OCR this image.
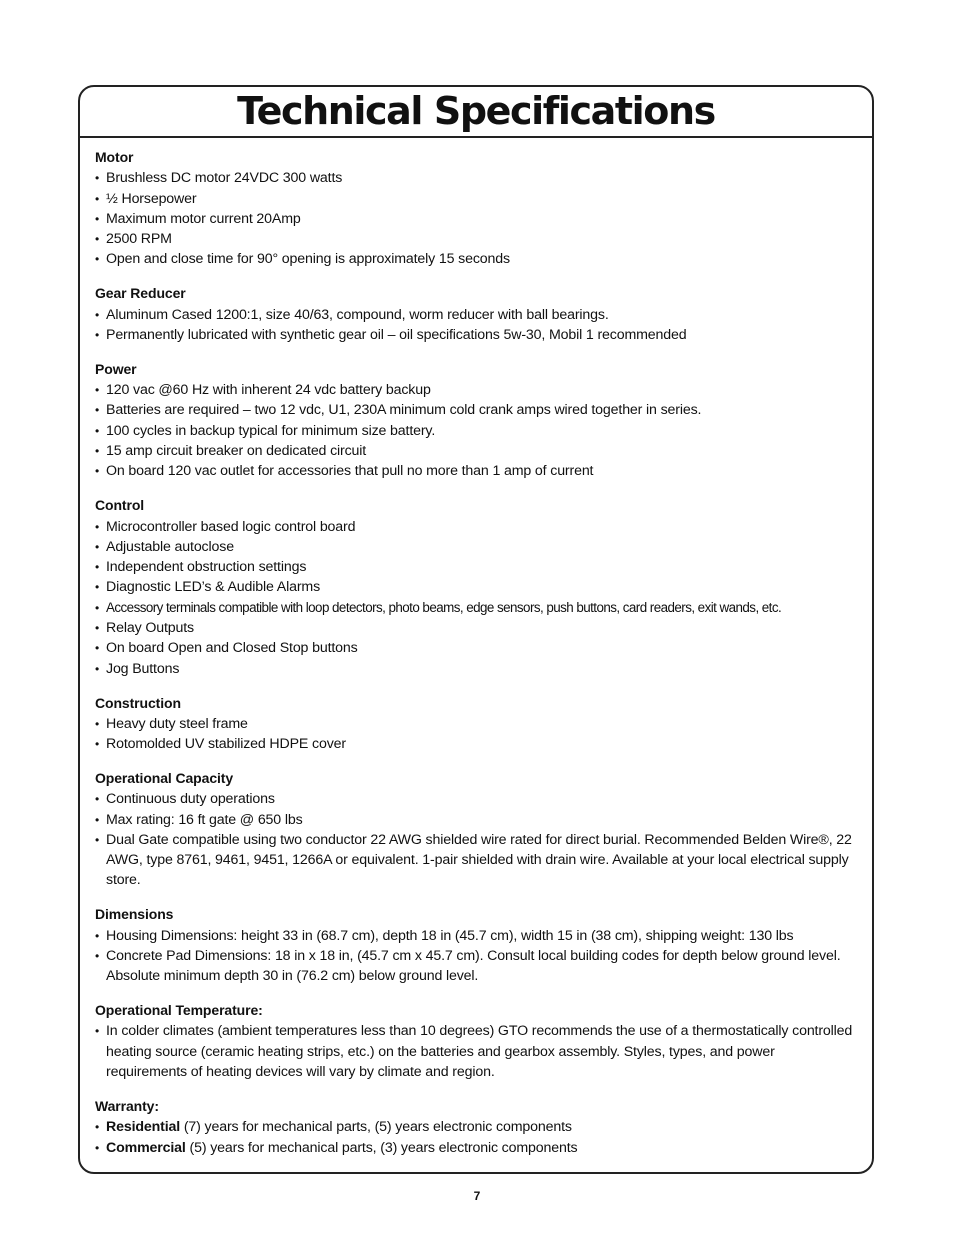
Technical Specifications
Motor
• Brushless DC motor 24VDC 300 watts
• ½ Horsepower
• Maximum motor current 20Amp
• 2500 RPM
• Open and close time for 90° opening is approximately 15 seconds
Gear Reducer
• Aluminum Cased 1200:1, size 40/63, compound, worm reducer with ball bearings.
• Permanently lubricated with synthetic gear oil – oil specifications 5w-30, Mobil 1 recommended
Power
• 120 vac @60 Hz with inherent 24 vdc battery backup
• Batteries are required – two 12 vdc, U1, 230A minimum cold crank amps wired together in series.
• 100 cycles in backup typical for minimum size battery.
• 15 amp circuit breaker on dedicated circuit
• On board 120 vac outlet for accessories that pull no more than 1 amp of current
Control
• Microcontroller based logic control board
• Adjustable autoclose
• Independent obstruction settings
• Diagnostic LED’s & Audible Alarms
• Accessory terminals compatible with loop detectors, photo beams, edge sensors, push buttons, card readers, exit wands, etc.
• Relay Outputs
• On board Open and Closed Stop buttons
• Jog Buttons
Construction
• Heavy duty steel frame
• Rotomolded UV stabilized HDPE cover
Operational Capacity
• Continuous duty operations
• Max rating: 16 ft gate @ 650 lbs
• Dual Gate compatible using two conductor 22 AWG shielded wire rated for direct burial. Recommended Belden Wire®, 22 AWG, type 8761, 9461, 9451, 1266A or equivalent. 1-pair shielded with drain wire. Available at your local electrical supply store.
Dimensions
• Housing Dimensions: height 33 in (68.7 cm), depth 18 in (45.7 cm), width 15 in (38 cm), shipping weight: 130 lbs
• Concrete Pad Dimensions: 18 in x 18 in, (45.7 cm x 45.7 cm). Consult local building codes for depth below ground level. Absolute minimum depth 30 in (76.2 cm) below ground level.
Operational Temperature:
• In colder climates (ambient temperatures less than 10 degrees) GTO recommends the use of a thermostatically controlled heating source (ceramic heating strips, etc.) on the batteries and gearbox assembly. Styles, types, and power requirements of heating devices will vary by climate and region.
Warranty:
• Residential (7) years for mechanical parts, (5) years electronic components
• Commercial (5) years for mechanical parts, (3) years electronic components
7
